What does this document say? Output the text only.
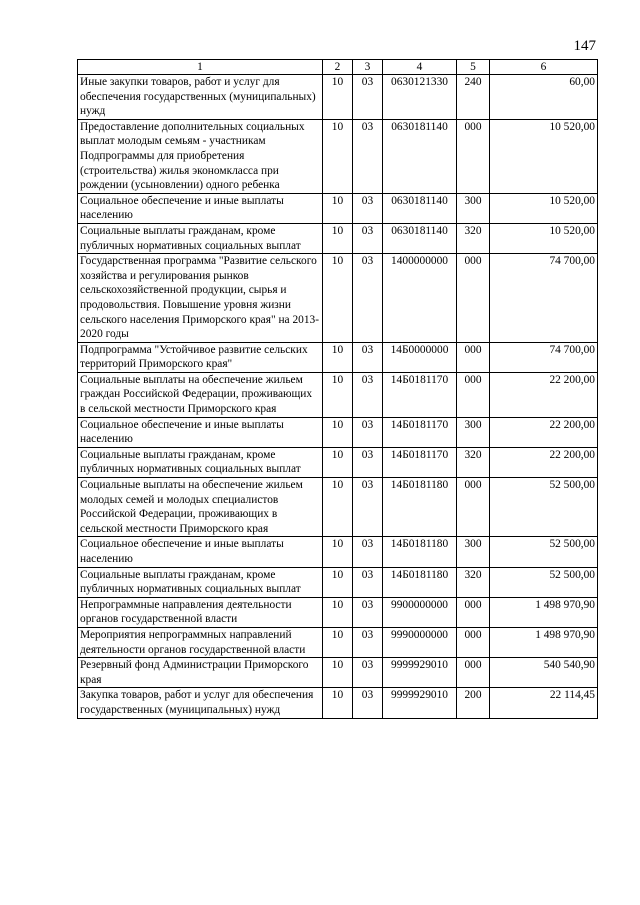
147
1	2	3	4	5	6
Иные закупки товаров, работ и услуг для обеспечения государственных (муниципальных) нужд	10	03	0630121330	240	60,00
Предоставление дополнительных социальных выплат молодым семьям - участникам Подпрограммы для приобретения (строительства) жилья экономкласса при рождении (усыновлении) одного ребенка	10	03	0630181140	000	10 520,00
Социальное обеспечение и иные выплаты населению	10	03	0630181140	300	10 520,00
Социальные выплаты гражданам, кроме публичных нормативных социальных выплат	10	03	0630181140	320	10 520,00
Государственная программа "Развитие сельского хозяйства и регулирования рынков сельскохозяйственной продукции, сырья и продовольствия. Повышение уровня жизни сельского населения Приморского края" на 2013-2020 годы	10	03	1400000000	000	74 700,00
Подпрограмма "Устойчивое развитие сельских территорий Приморского края"	10	03	14Б0000000	000	74 700,00
Социальные выплаты на обеспечение жильем граждан Российской Федерации, проживающих в сельской местности Приморского края	10	03	14Б0181170	000	22 200,00
Социальное обеспечение и иные выплаты населению	10	03	14Б0181170	300	22 200,00
Социальные выплаты гражданам, кроме публичных нормативных социальных выплат	10	03	14Б0181170	320	22 200,00
Социальные выплаты на обеспечение жильем молодых семей и молодых специалистов Российской Федерации, проживающих в сельской местности Приморского края	10	03	14Б0181180	000	52 500,00
Социальное обеспечение и иные выплаты населению	10	03	14Б0181180	300	52 500,00
Социальные выплаты гражданам, кроме публичных нормативных социальных выплат	10	03	14Б0181180	320	52 500,00
Непрограммные направления деятельности органов государственной власти	10	03	9900000000	000	1 498 970,90
Мероприятия непрограммных направлений деятельности органов государственной власти	10	03	9990000000	000	1 498 970,90
Резервный фонд Администрации Приморского края	10	03	9999929010	000	540 540,90
Закупка товаров, работ и услуг для обеспечения государственных (муниципальных) нужд	10	03	9999929010	200	22 114,45
